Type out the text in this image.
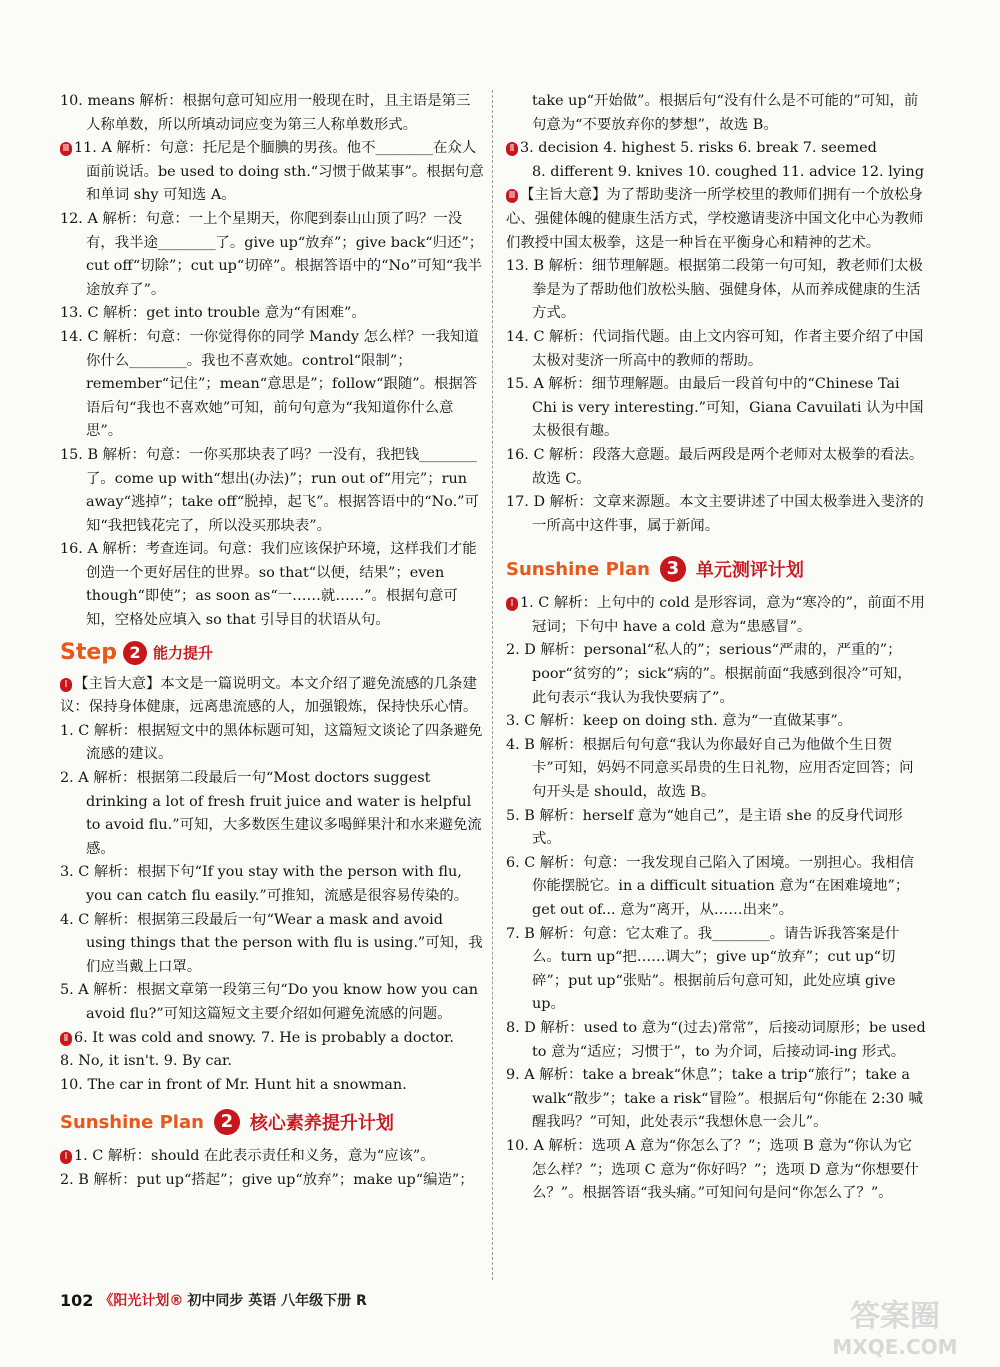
10. means 解析：根据句意可知应用一般现在时，且主语是第三人称单数，所以所填动词应变为第三人称单数形式。

Ⅲ 11. A 解析：句意：托尼是个腼腆的男孩。他不________在众人面前说话。be used to doing sth.“习惯于做某事”。根据句意和单词 shy 可知选 A。

12. A 解析：句意：一上个星期天，你爬到泰山山顶了吗？一没有，我半途________了。give up“放弃”；give back“归还”；cut off“切除”；cut up“切碎”。根据答语中的“No”可知“我半途放弃了”。

13. C 解析：get into trouble 意为“有困难”。

14. C 解析：句意：一你觉得你的同学 Mandy 怎么样？一我知道你什么________。我也不喜欢她。control“限制”；remember“记住”；mean“意思是”；follow“跟随”。根据答语后句“我也不喜欢她”可知，前句句意为“我知道你什么意思”。

15. B 解析：句意：一你买那块表了吗？一没有，我把钱________了。come up with“想出(办法)”；run out of“用完”；run away“逃掉”；take off“脱掉，起飞”。根据答语中的“No.”可知“我把钱花完了，所以没买那块表”。

16. A 解析：考查连词。句意：我们应该保护环境，这样我们才能创造一个更好居住的世界。so that“以便，结果”；even though“即使”；as soon as“一……就……”。根据句意可知，空格处应填入 so that 引导目的状语从句。

Step 2 能力提升

Ⅰ 【主旨大意】本文是一篇说明文。本文介绍了避免流感的几条建议：保持身体健康，远离患流感的人，加强锻炼，保持快乐心情。

1. C 解析：根据短文中的黑体标题可知，这篇短文谈论了四条避免流感的建议。

2. A 解析：根据第二段最后一句“Most doctors suggest drinking a lot of fresh fruit juice and water is helpful to avoid flu.”可知，大多数医生建议多喝鲜果汁和水来避免流感。

3. C 解析：根据下句“If you stay with the person with flu, you can catch flu easily.”可推知，流感是很容易传染的。

4. C 解析：根据第三段最后一句“Wear a mask and avoid using things that the person with flu is using.”可知，我们应当戴上口罩。

5. A 解析：根据文章第一段第三句“Do you know how you can avoid flu?”可知这篇短文主要介绍如何避免流感的问题。

Ⅱ 6. It was cold and snowy. 7. He is probably a doctor.

8. No, it isn't. 9. By car.

10. The car in front of Mr. Hunt hit a snowman.

Sunshine Plan 2 核心素养提升计划

Ⅰ 1. C 解析：should 在此表示责任和义务，意为“应该”。

2. B 解析：put up“搭起”；give up“放弃”；make up“编造”；

take up“开始做”。根据后句“没有什么是不可能的”可知，前句意为“不要放弃你的梦想”，故选 B。

Ⅱ 3. decision 4. highest 5. risks 6. break 7. seemed

8. different 9. knives 10. coughed 11. advice 12. lying

Ⅲ 【主旨大意】为了帮助斐济一所学校里的教师们拥有一个放松身心、强健体魄的健康生活方式，学校邀请斐济中国文化中心为教师们教授中国太极拳，这是一种旨在平衡身心和精神的艺术。

13. B 解析：细节理解题。根据第二段第一句可知，教老师们太极拳是为了帮助他们放松头脑、强健身体，从而养成健康的生活方式。

14. C 解析：代词指代题。由上文内容可知，作者主要介绍了中国太极对斐济一所高中的教师的帮助。

15. A 解析：细节理解题。由最后一段首句中的“Chinese Tai Chi is very interesting.”可知，Giana Cavuilati 认为中国太极很有趣。

16. C 解析：段落大意题。最后两段是两个老师对太极拳的看法。故选 C。

17. D 解析：文章来源题。本文主要讲述了中国太极拳进入斐济的一所高中这件事，属于新闻。

Sunshine Plan 3 单元测评计划

Ⅰ 1. C 解析：上句中的 cold 是形容词，意为“寒冷的”，前面不用冠词；下句中 have a cold 意为“患感冒”。

2. D 解析：personal“私人的”；serious“严肃的，严重的”；poor“贫穷的”；sick“病的”。根据前面“我感到很冷”可知，此句表示“我认为我快要病了”。

3. C 解析：keep on doing sth. 意为“一直做某事”。

4. B 解析：根据后句句意“我认为你最好自己为他做个生日贺卡”可知，妈妈不同意买昂贵的生日礼物，应用否定回答；问句开头是 should，故选 B。

5. B 解析：herself 意为“她自己”，是主语 she 的反身代词形式。

6. C 解析：句意：一我发现自己陷入了困境。一别担心。我相信你能摆脱它。in a difficult situation 意为“在困难境地”；get out of... 意为“离开，从……出来”。

7. B 解析：句意：它太难了。我________。请告诉我答案是什么。turn up“把……调大”；give up“放弃”；cut up“切碎”；put up“张贴”。根据前后句意可知，此处应填 give up。

8. D 解析：used to 意为“(过去)常常”，后接动词原形；be used to 意为“适应；习惯于”，to 为介词，后接动词-ing 形式。

9. A 解析：take a break“休息”；take a trip“旅行”；take a walk“散步”；take a risk“冒险”。根据后句“你能在 2:30 喊醒我吗？”可知，此处表示“我想休息一会儿”。

10. A 解析：选项 A 意为“你怎么了？”；选项 B 意为“你认为它怎么样？”；选项 C 意为“你好吗？”；选项 D 意为“你想要什么？”。根据答语“我头痛。”可知问句是问“你怎么了？”。

102 《阳光计划® 初中同步 英语 八年级下册 R	答案圈
MXQE.COM
